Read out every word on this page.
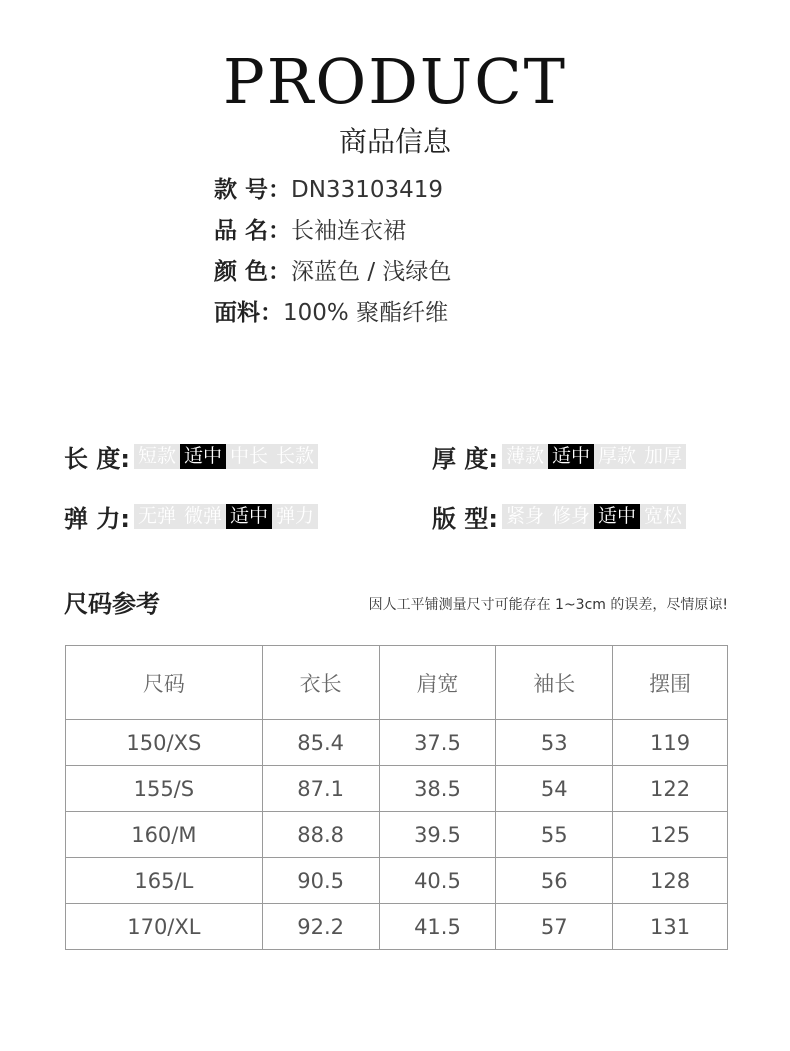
PRODUCT
商品信息
款 号：DN33103419
品 名：长袖连衣裙
颜 色：深蓝色 / 浅绿色
面料：100% 聚酯纤维
长 度: 短款 适中 中长 长款	厚 度: 薄款 适中 厚款 加厚
弹 力: 无弹 微弹 适中 弹力	版 型: 紧身 修身 适中 宽松
尺码参考	因人工平铺测量尺寸可能存在 1~3cm 的误差，尽情原谅!
尺码	衣长	肩宽	袖长	摆围
150/XS	85.4	37.5	53	119
155/S	87.1	38.5	54	122
160/M	88.8	39.5	55	125
165/L	90.5	40.5	56	128
170/XL	92.2	41.5	57	131
